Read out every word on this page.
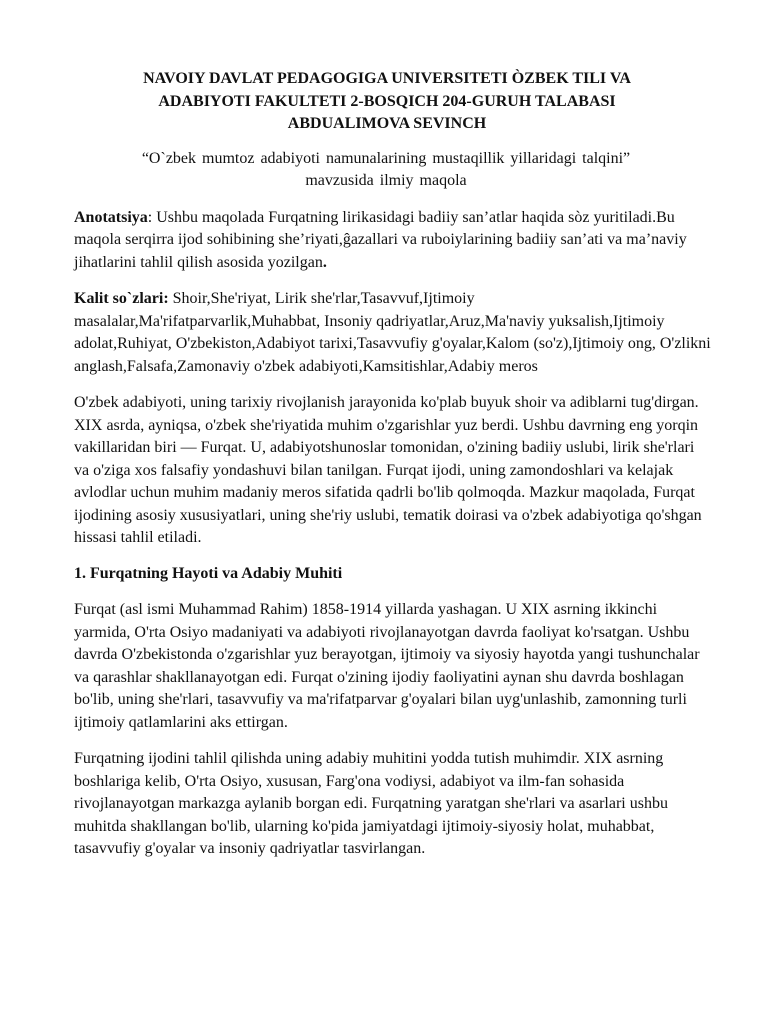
NAVOIY DAVLAT PEDAGOGIGA UNIVERSITETI ÒZBEK TILI VA
ADABIYOTI FAKULTETI 2-BOSQICH 204-GURUH TALABASI
ABDUALIMOVA SEVINCH
“O`zbek mumtoz adabiyoti namunalarining mustaqillik yillaridagi talqini”
mavzusida ilmiy maqola

Anotatsiya: Ushbu maqolada Furqatning lirikasidagi badiiy san’atlar haqida sòz yuritiladi.Bu maqola serqirra ijod sohibining she’riyati,ĝazallari va ruboiylarining badiiy san’ati va ma’naviy jihatlarini tahlil qilish asosida yozilgan.

Kalit so`zlari: Shoir,She'riyat, Lirik she'rlar,Tasavvuf,Ijtimoiy masalalar,Ma'rifatparvarlik,Muhabbat, Insoniy qadriyatlar,Aruz,Ma'naviy yuksalish,Ijtimoiy adolat,Ruhiyat, O'zbekiston,Adabiyot tarixi,Tasavvufiy g'oyalar,Kalom (so'z),Ijtimoiy ong, O'zlikni anglash,Falsafa,Zamonaviy o'zbek adabiyoti,Kamsitishlar,Adabiy meros

O'zbek adabiyoti, uning tarixiy rivojlanish jarayonida ko'plab buyuk shoir va adiblarni tug'dirgan. XIX asrda, ayniqsa, o'zbek she'riyatida muhim o'zgarishlar yuz berdi. Ushbu davrning eng yorqin vakillaridan biri — Furqat. U, adabiyotshunoslar tomonidan, o'zining badiiy uslubi, lirik she'rlari va o'ziga xos falsafiy yondashuvi bilan tanilgan. Furqat ijodi, uning zamondoshlari va kelajak avlodlar uchun muhim madaniy meros sifatida qadrli bo'lib qolmoqda. Mazkur maqolada, Furqat ijodining asosiy xususiyatlari, uning she'riy uslubi, tematik doirasi va o'zbek adabiyotiga qo'shgan hissasi tahlil etiladi.

1. Furqatning Hayoti va Adabiy Muhiti

Furqat (asl ismi Muhammad Rahim) 1858-1914 yillarda yashagan. U XIX asrning ikkinchi yarmida, O'rta Osiyo madaniyati va adabiyoti rivojlanayotgan davrda faoliyat ko'rsatgan. Ushbu davrda O'zbekistonda o'zgarishlar yuz berayotgan, ijtimoiy va siyosiy hayotda yangi tushunchalar va qarashlar shakllanayotgan edi. Furqat o'zining ijodiy faoliyatini aynan shu davrda boshlagan bo'lib, uning she'rlari, tasavvufiy va ma'rifatparvar g'oyalari bilan uyg'unlashib, zamonning turli ijtimoiy qatlamlarini aks ettirgan.

Furqatning ijodini tahlil qilishda uning adabiy muhitini yodda tutish muhimdir. XIX asrning boshlariga kelib, O'rta Osiyo, xususan, Farg'ona vodiysi, adabiyot va ilm-fan sohasida rivojlanayotgan markazga aylanib borgan edi. Furqatning yaratgan she'rlari va asarlari ushbu muhitda shakllangan bo'lib, ularning ko'pida jamiyatdagi ijtimoiy-siyosiy holat, muhabbat, tasavvufiy g'oyalar va insoniy qadriyatlar tasvirlangan.
